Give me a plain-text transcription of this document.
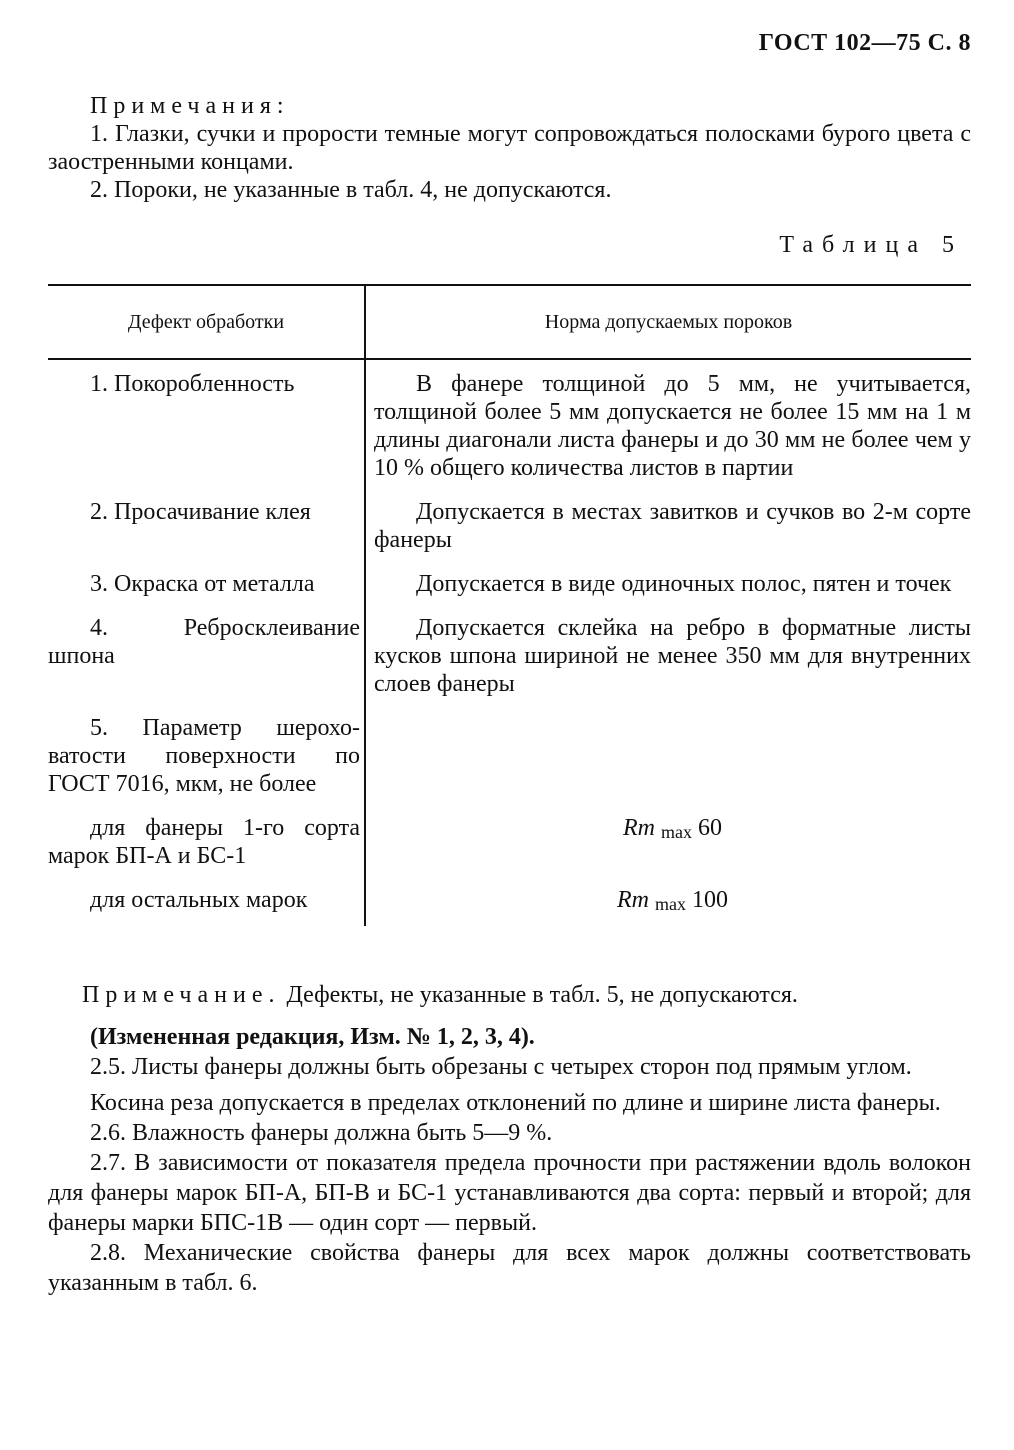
ГОСТ 102—75 С. 8

Примечания:

1. Глазки, сучки и прорости темные могут сопровождаться полосками бурого цвета с заостренными концами.

2. Пороки, не указанные в табл. 4, не допускаются.

Таблица 5
Дефект обработки	Норма допускаемых пороков

1. Покоробленность	В фанере толщиной до 5 мм, не учитывается, толщиной более 5 мм допускается не более 15 мм на 1 м длины диагонали листа фанеры и до 30 мм не более чем у 10 % общего количества листов в партии

2. Просачивание клея	Допускается в местах завитков и сучков во 2-м сорте фанеры

3. Окраска от металла	Допускается в виде одиночных полос, пятен и точек

4. Ребросклеивание шпона	Допускается склейка на ребро в форматные листы кусков шпона шириной не менее 350 мм для внутренних слоев фанеры

5. Параметр шероховатости поверхности по ГОСТ 7016, мкм, не более	

для фанеры 1-го сорта марок БП-А и БС-1	Rm max 60

для остальных марок	Rm max 100

Примечание. Дефекты, не указанные в табл. 5, не допускаются.

(Измененная редакция, Изм. № 1, 2, 3, 4).

2.5. Листы фанеры должны быть обрезаны с четырех сторон под прямым углом.

Косина реза допускается в пределах отклонений по длине и ширине листа фанеры.

2.6. Влажность фанеры должна быть 5—9 %.

2.7. В зависимости от показателя предела прочности при растяжении вдоль волокон для фанеры марок БП-А, БП-В и БС-1 устанавливаются два сорта: первый и второй; для фанеры марки БПС-1В — один сорт — первый.

2.8. Механические свойства фанеры для всех марок должны соответствовать указанным в табл. 6.
